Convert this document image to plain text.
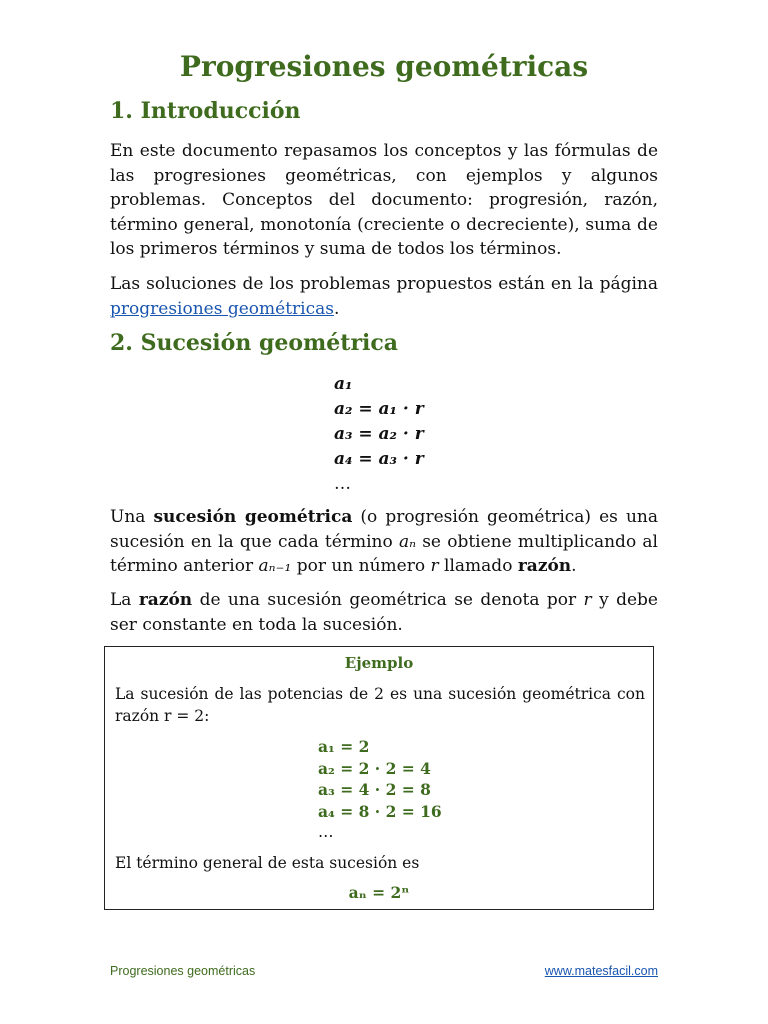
Progresiones geométricas
1. Introducción

En este documento repasamos los conceptos y las fórmulas de las progresiones geométricas, con ejemplos y algunos problemas. Conceptos del documento: progresión, razón, término general, monotonía (creciente o decreciente), suma de los primeros términos y suma de todos los términos.

Las soluciones de los problemas propuestos están en la página progresiones geométricas.

2. Sucesión geométrica
a₁
a₂ = a₁ · r
a₃ = a₂ · r
a₄ = a₃ · r
…

Una sucesión geométrica (o progresión geométrica) es una sucesión en la que cada término aₙ se obtiene multiplicando al término anterior aₙ₋₁ por un número r llamado razón.

La razón de una sucesión geométrica se denota por r y debe ser constante en toda la sucesión.

Ejemplo

La sucesión de las potencias de 2 es una sucesión geométrica con razón r = 2:

a₁ = 2
a₂ = 2 · 2 = 4
a₃ = 4 · 2 = 8
a₄ = 8 · 2 = 16
…

El término general de esta sucesión es

aₙ = 2ⁿ
Progresiones geométricas	www.matesfacil.com
